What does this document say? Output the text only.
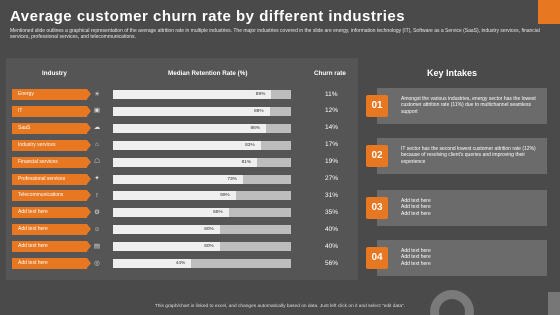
Average customer churn rate by different industries
Mentioned slide outlines a graphical representation of the average attrition rate in multiple industries. The major industries covered in the slide are energy, information technology (IT), Software as a Service (SaaS), industry services, financial services, professional services, and telecommunications.
Industry	Median Retention Rate (%)	Churn rate
Energy	☀	89%	11%
IT	▣	88%	12%
SaaS	☁	86%	14%
Industry services	⌂	83%	17%
Financial services	☖	81%	19%
Professional services	✦	73%	27%
Telecommunications	♇	69%	31%
Add text here	⚙	65%	35%
Add text here	☺	60%	40%
Add text here	▤	60%	40%
Add text here	◎	44%	56%
Key Intakes
01
Amongst the various industries, energy sector has the lowest customer attrition rate (11%) due to multichannel seamless support
02
IT sector has the second lowest customer attrition rate (12%) because of resolving client's queries and improving their experience
03
Add text here
Add text here
Add text here
04
Add text here
Add text here
Add text here
This graph/chart is linked to excel, and changes automatically based on data. Just left click on it and select "edit data".
